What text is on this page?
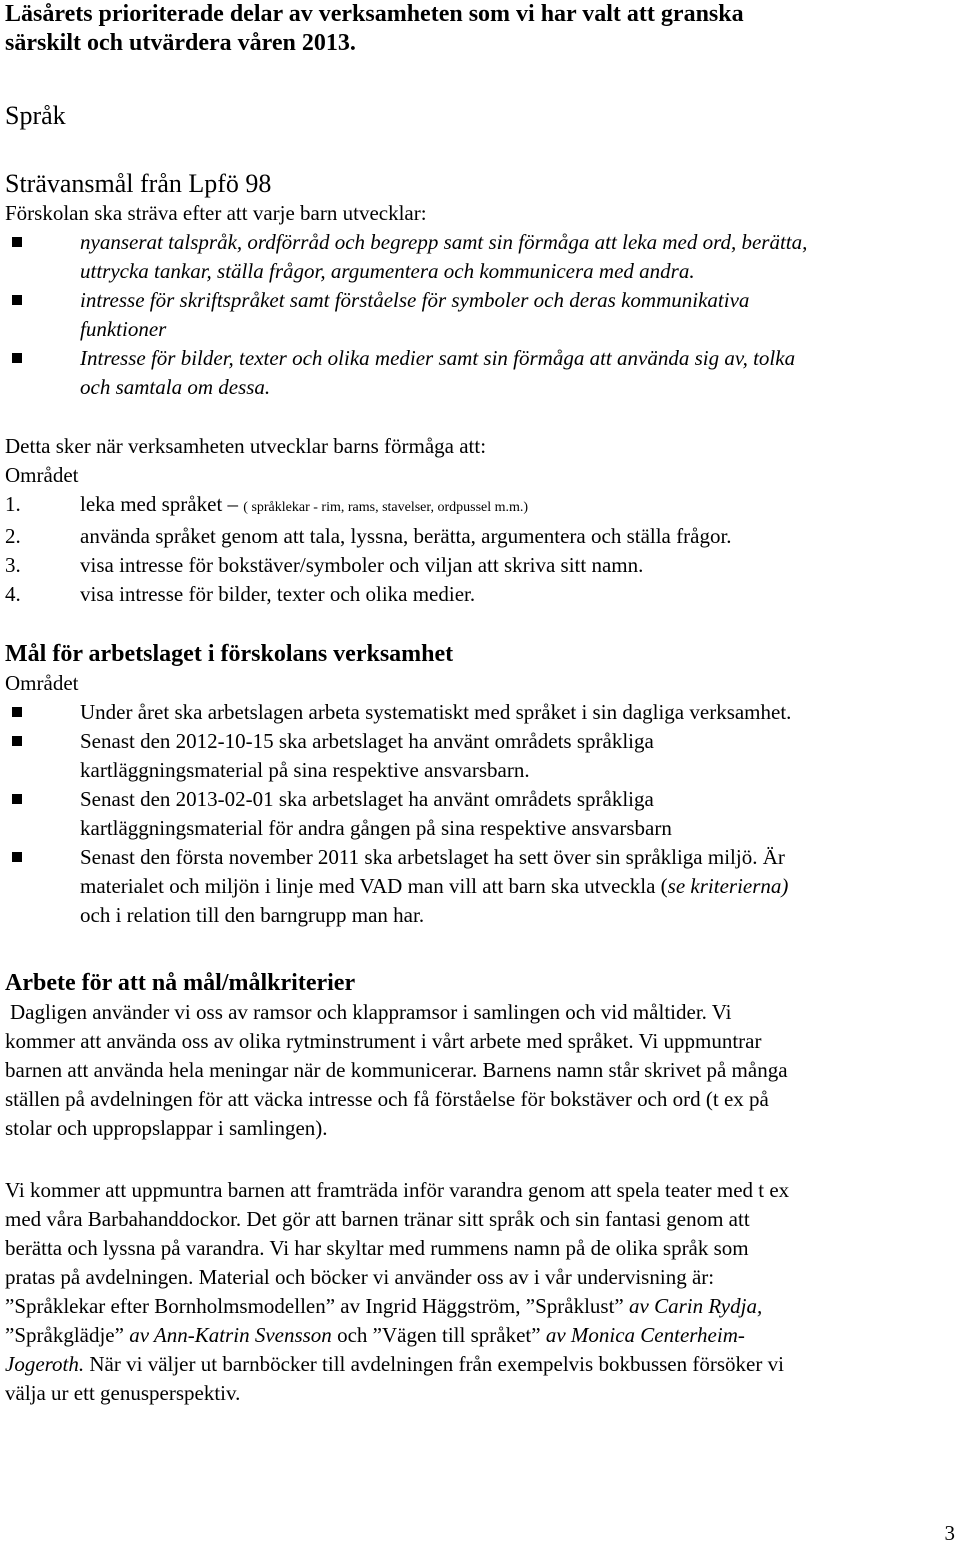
Läsårets prioriterade delar av verksamheten som vi har valt att granska

särskilt och utvärdera våren 2013.

Språk

Strävansmål från Lpfö 98

Förskolan ska sträva efter att varje barn utvecklar:

nyanserat talspråk, ordförråd och begrepp samt sin förmåga att leka med ord, berätta,

uttrycka tankar, ställa frågor, argumentera och kommunicera med andra.

intresse för skriftspråket samt förståelse för symboler och deras kommunikativa

funktioner

Intresse för bilder, texter och olika medier samt sin förmåga att använda sig av, tolka

och samtala om dessa.

Detta sker när verksamheten utvecklar barns förmåga att:

Området

1.	leka med språket – ( språklekar - rim, rams, stavelser, ordpussel m.m.)
2.	använda språket genom att tala, lyssna, berätta, argumentera och ställa frågor.
3.	visa intresse för bokstäver/symboler och viljan att skriva sitt namn.
4.	visa intresse för bilder, texter och olika medier.

Mål för arbetslaget i förskolans verksamhet

Området

Under året ska arbetslagen arbeta systematiskt med språket i sin dagliga verksamhet.

Senast den 2012-10-15 ska arbetslaget ha använt områdets språkliga

kartläggningsmaterial på sina respektive ansvarsbarn.

Senast den 2013-02-01 ska arbetslaget ha använt områdets språkliga

kartläggningsmaterial för andra gången på sina respektive ansvarsbarn

Senast den första november 2011 ska arbetslaget ha sett över sin språkliga miljö. Är

materialet och miljön i linje med VAD man vill att barn ska utveckla (se kriterierna)

och i relation till den barngrupp man har.

Arbete för att nå mål/målkriterier

Dagligen använder vi oss av ramsor och klappramsor i samlingen och vid måltider. Vi

kommer att använda oss av olika rytminstrument i vårt arbete med språket. Vi uppmuntrar

barnen att använda hela meningar när de kommunicerar. Barnens namn står skrivet på många

ställen på avdelningen för att väcka intresse och få förståelse för bokstäver och ord (t ex på

stolar och uppropslappar i samlingen).

Vi kommer att uppmuntra barnen att framträda inför varandra genom att spela teater med t ex

med våra Barbahanddockor. Det gör att barnen tränar sitt språk och sin fantasi genom att

berätta och lyssna på varandra. Vi har skyltar med rummens namn på de olika språk som

pratas på avdelningen. Material och böcker vi använder oss av i vår undervisning är:

”Språklekar efter Bornholmsmodellen” av Ingrid Häggström, ”Språklust” av Carin Rydja,

”Språkglädje” av Ann-Katrin Svensson och ”Vägen till språket” av Monica Centerheim-

Jogeroth. När vi väljer ut barnböcker till avdelningen från exempelvis bokbussen försöker vi

välja ur ett genusperspektiv.

3
